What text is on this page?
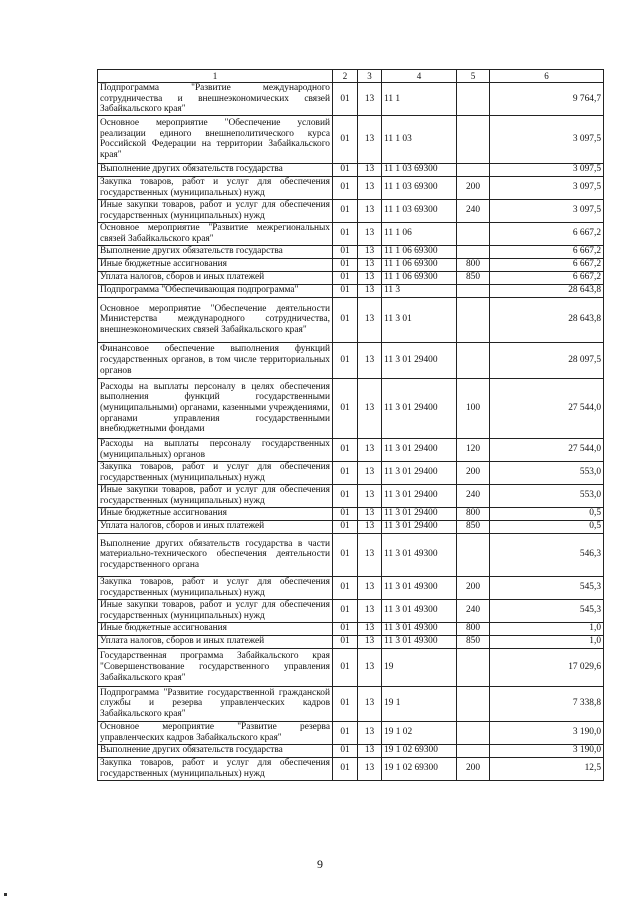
1	2	3	4	5	6
Подпрограмма "Развитие международного сотрудничества и внешнеэкономических связей Забайкальского края"	01	13	11 1		9 764,7
Основное мероприятие "Обеспечение условий реализации единого внешнеполитического курса Российской Федерации на территории Забайкальского края"	01	13	11 1 03		3 097,5
Выполнение других обязательств государства	01	13	11 1 03 69300		3 097,5
Закупка товаров, работ и услуг для обеспечения государственных (муниципальных) нужд	01	13	11 1 03 69300	200	3 097,5
Иные закупки товаров, работ и услуг для обеспечения государственных (муниципальных) нужд	01	13	11 1 03 69300	240	3 097,5
Основное мероприятие "Развитие межрегиональных связей Забайкальского края"	01	13	11 1 06		6 667,2
Выполнение других обязательств государства	01	13	11 1 06 69300		6 667,2
Иные бюджетные ассигнования	01	13	11 1 06 69300	800	6 667,2
Уплата налогов, сборов и иных платежей	01	13	11 1 06 69300	850	6 667,2
Подпрограмма "Обеспечивающая подпрограмма"	01	13	11 3		28 643,8
Основное мероприятие "Обеспечение деятельности Министерства международного сотрудничества, внешнеэкономических связей Забайкальского края"	01	13	11 3 01		28 643,8
Финансовое обеспечение выполнения функций государственных органов, в том числе территориальных органов	01	13	11 3 01 29400		28 097,5
Расходы на выплаты персоналу в целях обеспечения выполнения функций государственными (муниципальными) органами, казенными учреждениями, органами управления государственными внебюджетными фондами	01	13	11 3 01 29400	100	27 544,0
Расходы на выплаты персоналу государственных (муниципальных) органов	01	13	11 3 01 29400	120	27 544,0
Закупка товаров, работ и услуг для обеспечения государственных (муниципальных) нужд	01	13	11 3 01 29400	200	553,0
Иные закупки товаров, работ и услуг для обеспечения государственных (муниципальных) нужд	01	13	11 3 01 29400	240	553,0
Иные бюджетные ассигнования	01	13	11 3 01 29400	800	0,5
Уплата налогов, сборов и иных платежей	01	13	11 3 01 29400	850	0,5
Выполнение других обязательств государства в части материально-технического обеспечения деятельности государственного органа	01	13	11 3 01 49300		546,3
Закупка товаров, работ и услуг для обеспечения государственных (муниципальных) нужд	01	13	11 3 01 49300	200	545,3
Иные закупки товаров, работ и услуг для обеспечения государственных (муниципальных) нужд	01	13	11 3 01 49300	240	545,3
Иные бюджетные ассигнования	01	13	11 3 01 49300	800	1,0
Уплата налогов, сборов и иных платежей	01	13	11 3 01 49300	850	1,0
Государственная программа Забайкальского края "Совершенствование государственного управления Забайкальского края"	01	13	19		17 029,6
Подпрограмма "Развитие государственной гражданской службы и резерва управленческих кадров Забайкальского края"	01	13	19 1		7 338,8
Основное мероприятие "Развитие резерва управленческих кадров Забайкальского края"	01	13	19 1 02		3 190,0
Выполнение других обязательств государства	01	13	19 1 02 69300		3 190,0
Закупка товаров, работ и услуг для обеспечения государственных (муниципальных) нужд	01	13	19 1 02 69300	200	12,5
9
